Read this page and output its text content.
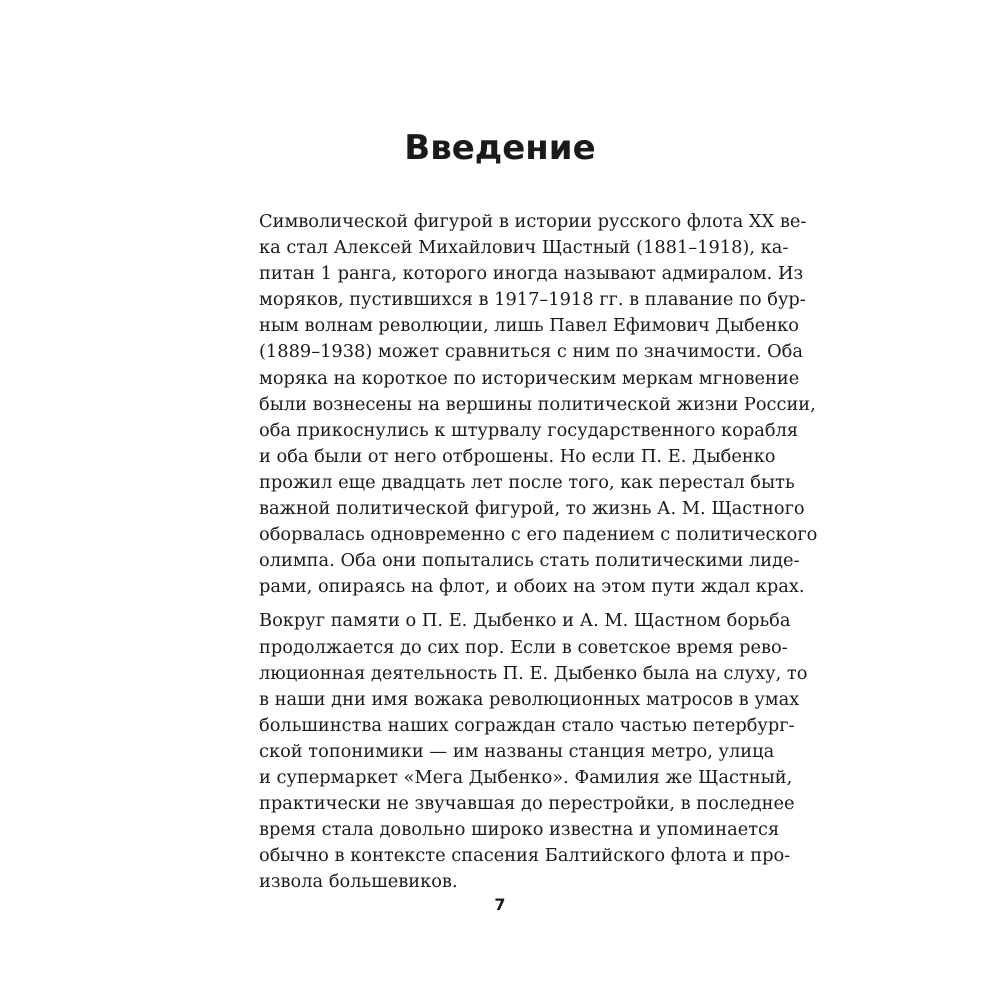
Введение

Символической фигурой в истории русского флота XX ве-
ка стал Алексей Михайлович Щастный (1881–1918), ка-
питан 1 ранга, которого иногда называют адмиралом. Из
моряков, пустившихся в 1917–1918 гг. в плавание по бур-
ным волнам революции, лишь Павел Ефимович Дыбенко
(1889–1938) может сравниться с ним по значимости. Оба
моряка на короткое по историческим меркам мгновение
были вознесены на вершины политической жизни России,
оба прикоснулись к штурвалу государственного корабля
и оба были от него отброшены. Но если П. Е. Дыбенко
прожил еще двадцать лет после того, как перестал быть
важной политической фигурой, то жизнь А. М. Щастного
оборвалась одновременно с его падением с политического
олимпа. Оба они попытались стать политическими лиде-
рами, опираясь на флот, и обоих на этом пути ждал крах.

Вокруг памяти о П. Е. Дыбенко и А. М. Щастном борьба
продолжается до сих пор. Если в советское время рево-
люционная деятельность П. Е. Дыбенко была на слуху, то
в наши дни имя вожака революционных матросов в умах
большинства наших сограждан стало частью петербург-
ской топонимики — им названы станция метро, улица
и супермаркет «Мега Дыбенко». Фамилия же Щастный,
практически не звучавшая до перестройки, в последнее
время стала довольно широко известна и упоминается
обычно в контексте спасения Балтийского флота и про-
извола большевиков.

7
